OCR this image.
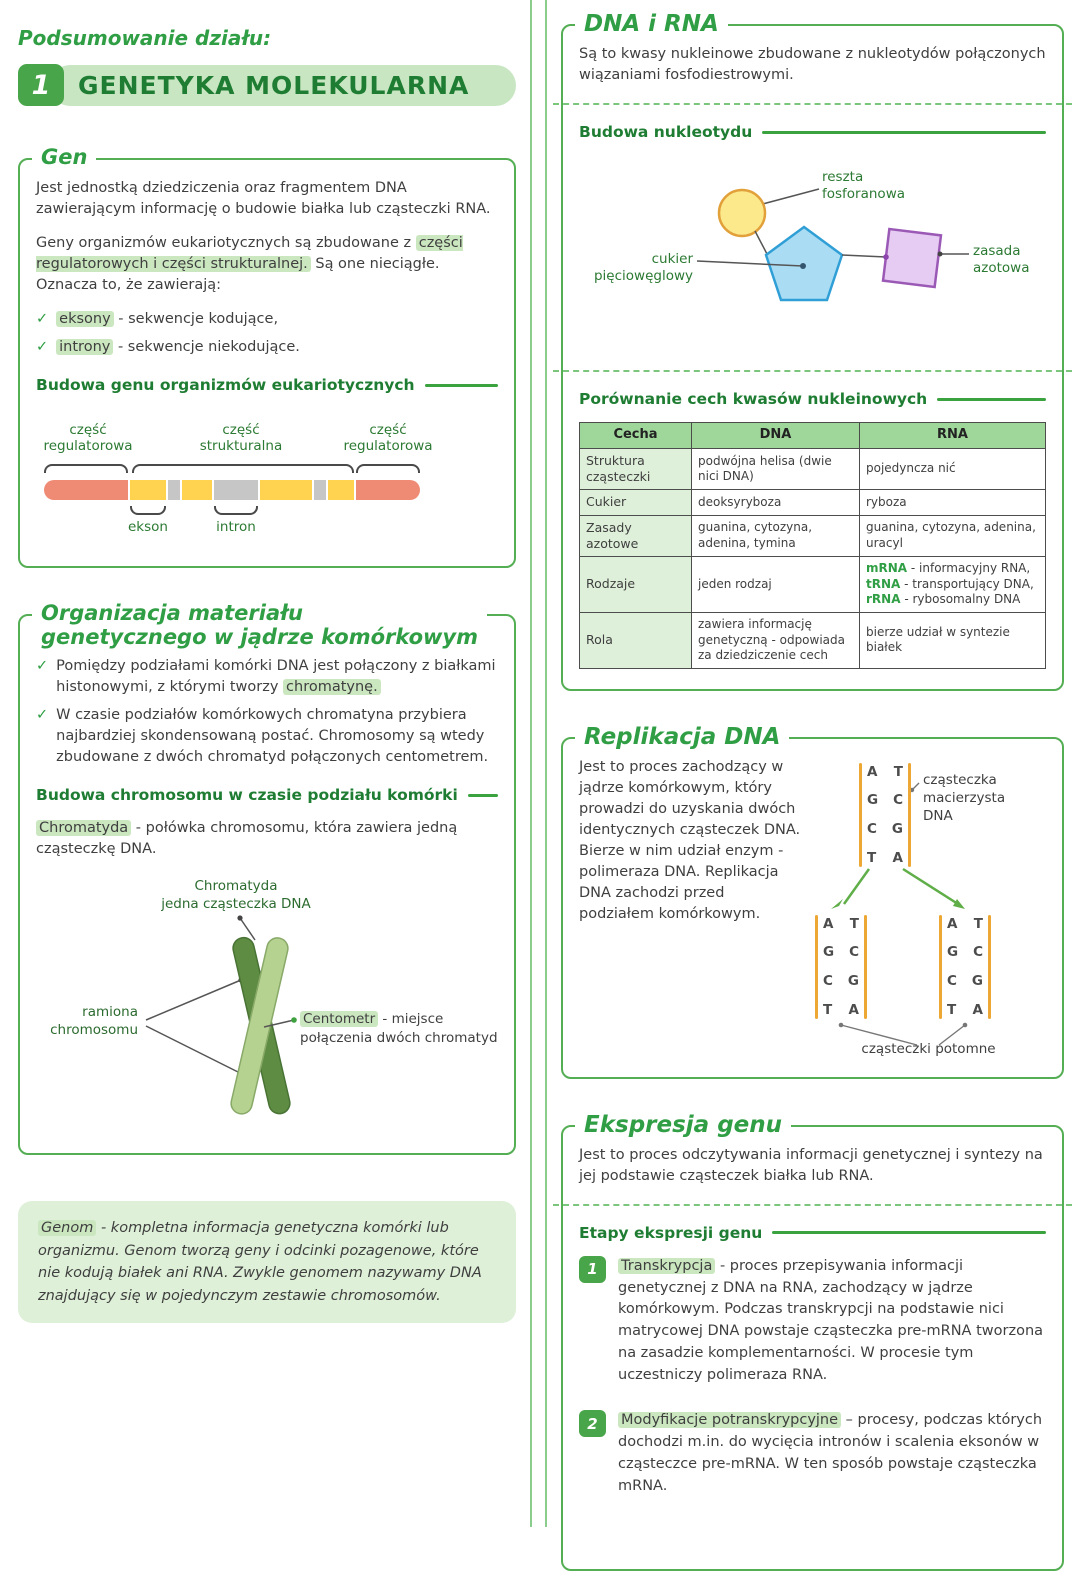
Podsumowanie działu:
1	GENETYKA MOLEKULARNA
Gen

Jest jednostką dziedziczenia oraz fragmentem DNA zawierającym informację o budowie białka lub cząsteczki RNA.

Geny organizmów eukariotycznych są zbudowane z części regulatorowych i części strukturalnej. Są one nieciągłe. Oznacza to, że zawierają:

✓ eksony - sekwencje kodujące,
✓ introny - sekwencje niekodujące.
Budowa genu organizmów eukariotycznych
część regulatorowa
część strukturalna
część regulatorowa
ekson	intron
Organizacja materiału
genetycznego w jądrze komórkowym
✓ Pomiędzy podziałami komórki DNA jest połączony z białkami histonowymi, z którymi tworzy chromatynę.
✓ W czasie podziałów komórkowych chromatyna przybiera najbardziej skondensowaną postać. Chromosomy są wtedy zbudowane z dwóch chromatyd połączonych centometrem.
Budowa chromosomu w czasie podziału komórki

Chromatyda - połówka chromosomu, która zawiera jedną cząsteczkę DNA.

Chromatyda
jedna cząsteczka DNA
ramiona chromosomu
Centometr - miejsce połączenia dwóch chromatyd
Genom - kompletna informacja genetyczna komórki lub organizmu. Genom tworzą geny i odcinki pozagenowe, które nie kodują białek ani RNA. Zwykle genomem nazywamy DNA znajdujący się w pojedynczym zestawie chromosomów.
DNA i RNA

Są to kwasy nukleinowe zbudowane z nukleotydów połączonych wiązaniami fosfodiestrowymi.

Budowa nukleotydu
reszta fosforanowa
cukier pięciowęglowy
zasada azotowa
Porównanie cech kwasów nukleinowych
Cecha	DNA	RNA
Struktura cząsteczki	podwójna helisa (dwie nici DNA)	pojedyncza nić
Cukier	deoksyryboza	ryboza
Zasady azotowe	guanina, cytozyna, adenina, tymina	guanina, cytozyna, adenina, uracyl
Rodzaje	jeden rodzaj	mRNA - informacyjny RNA,
tRNA - transportujący DNA,
rRNA - rybosomalny DNA

Rola	zawiera informację genetyczną - odpowiada za dziedziczenie cech	bierze udział w syntezie białek
Replikacja DNA

Jest to proces zachodzący w jądrze komórkowym, który prowadzi do uzyskania dwóch identycznych cząsteczek DNA. Bierze w nim udział enzym - polimeraza DNA. Replikacja DNA zachodzi przed podziałem komórkowym.

A T
G C
C G
T A
cząsteczka
macierzysta
DNA
A T
G C
C G
T A
A T
G C
C G
T A
cząsteczki potomne
Ekspresja genu

Jest to proces odczytywania informacji genetycznej i syntezy na jej podstawie cząsteczek białka lub RNA.

Etapy ekspresji genu
1	Transkrypcja - proces przepisywania informacji genetycznej z DNA na RNA, zachodzący w jądrze komórkowym. Podczas transkrypcji na podstawie nici matrycowej DNA powstaje cząsteczka pre-mRNA tworzona na zasadzie komplementarności. W procesie tym uczestniczy polimeraza RNA.
2	Modyfikacje potranskrypcyjne – procesy, podczas których dochodzi m.in. do wycięcia intronów i scalenia eksonów w cząsteczce pre-mRNA. W ten sposób powstaje cząsteczka mRNA.
